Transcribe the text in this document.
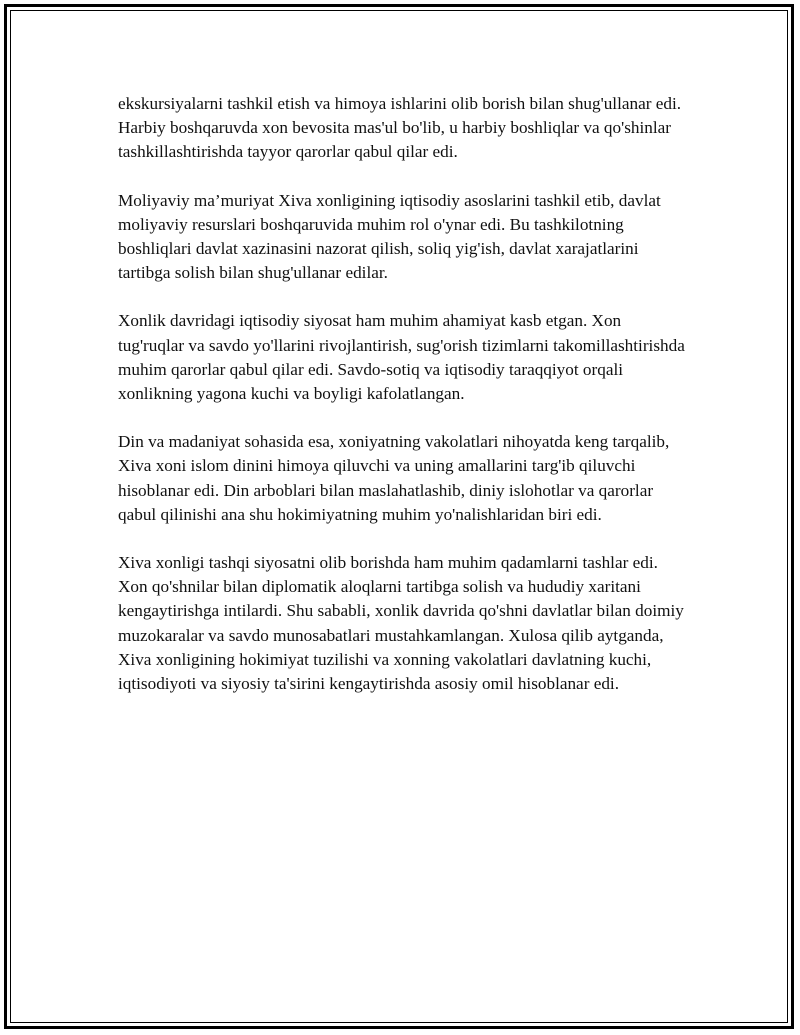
ekskursiyalarni tashkil etish va himoya ishlarini olib borish bilan shug'ullanar edi. Harbiy boshqaruvda xon bevosita mas'ul bo'lib, u harbiy boshliqlar va qo'shinlar tashkillashtirishda tayyor qarorlar qabul qilar edi.

Moliyaviy ma’muriyat Xiva xonligining iqtisodiy asoslarini tashkil etib, davlat moliyaviy resurslari boshqaruvida muhim rol o'ynar edi. Bu tashkilotning boshliqlari davlat xazinasini nazorat qilish, soliq yig'ish, davlat xarajatlarini tartibga solish bilan shug'ullanar edilar.

Xonlik davridagi iqtisodiy siyosat ham muhim ahamiyat kasb etgan. Xon tug'ruqlar va savdo yo'llarini rivojlantirish, sug'orish tizimlarni takomillashtirishda muhim qarorlar qabul qilar edi. Savdo-sotiq va iqtisodiy taraqqiyot orqali xonlikning yagona kuchi va boyligi kafolatlangan.

Din va madaniyat sohasida esa, xoniyatning vakolatlari nihoyatda keng tarqalib, Xiva xoni islom dinini himoya qiluvchi va uning amallarini targ'ib qiluvchi hisoblanar edi. Din arboblari bilan maslahatlashib, diniy islohotlar va qarorlar qabul qilinishi ana shu hokimiyatning muhim yo'nalishlaridan biri edi.

Xiva xonligi tashqi siyosatni olib borishda ham muhim qadamlarni tashlar edi. Xon qo'shnilar bilan diplomatik aloqlarni tartibga solish va hududiy xaritani kengaytirishga intilardi. Shu sababli, xonlik davrida qo'shni davlatlar bilan doimiy muzokaralar va savdo munosabatlari mustahkamlangan. Xulosa qilib aytganda, Xiva xonligining hokimiyat tuzilishi va xonning vakolatlari davlatning kuchi, iqtisodiyoti va siyosiy ta'sirini kengaytirishda asosiy omil hisoblanar edi.
